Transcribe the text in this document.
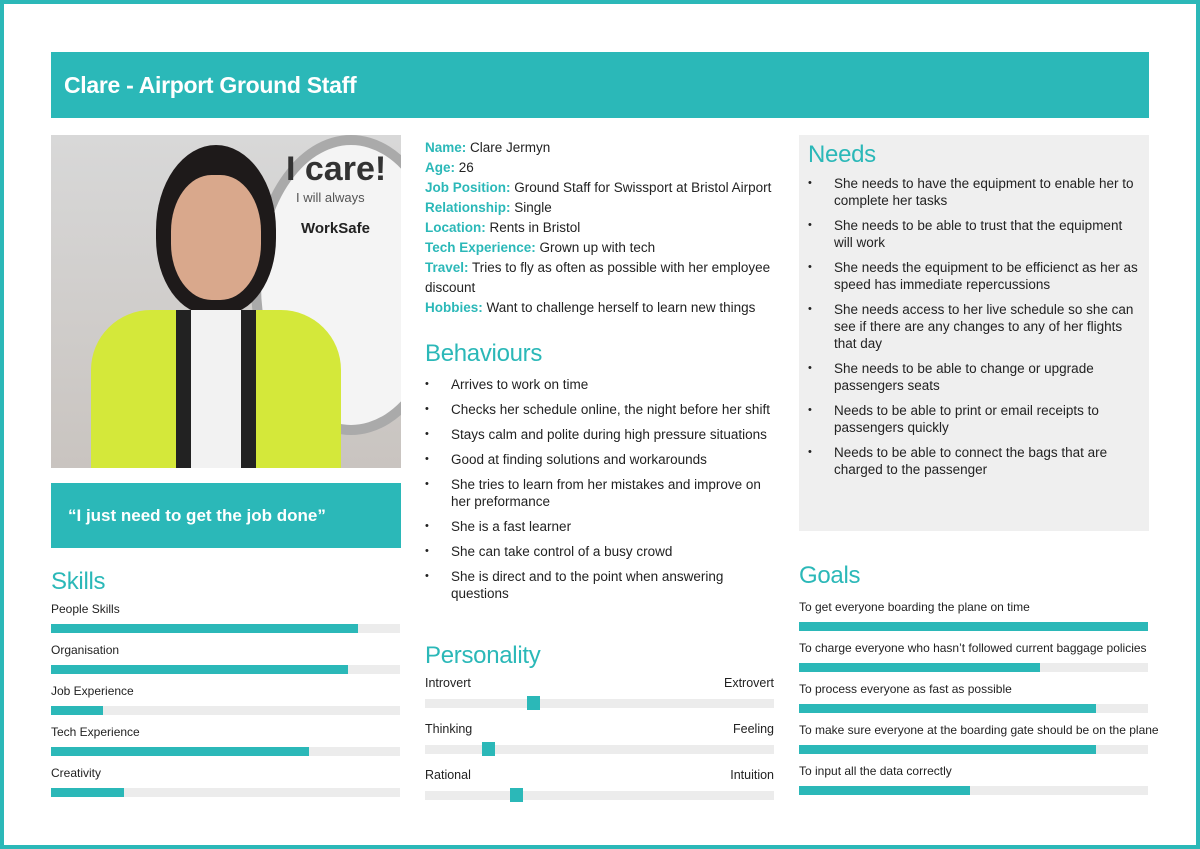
Clare - Airport Ground Staff
I care!
I will always
WorkSafe
“I just need to get the job done”
Skills
People Skills
Organisation
Job Experience
Tech Experience
Creativity
Name: Clare Jermyn
Age: 26
Job Position: Ground Staff for Swissport at Bristol Airport
Relationship: Single
Location: Rents in Bristol
Tech Experience: Grown up with tech
Travel: Tries to fly as often as possible with her employee discount
Hobbies: Want to challenge herself to learn new things
Behaviours
• Arrives to work on time
• Checks her schedule online, the night before her shift
• Stays calm and polite during high pressure situations
• Good at finding solutions and workarounds
• She tries to learn from her mistakes and improve on her preformance
• She is a fast learner
• She can take control of a busy crowd
• She is direct and to the point when answering questions
Personality
Introvert	Extrovert
Thinking	Feeling
Rational	Intuition
Needs
• She needs to have the equipment to enable her to complete her tasks
• She needs to be able to trust that the equipment will work
• She needs the equipment to be efficienct as her as speed has immediate repercussions
• She needs access to her live schedule so she can see if there are any changes to any of her flights that day
• She needs to be able to change or upgrade passengers seats
• Needs to be able to print or email receipts to passengers quickly
• Needs to be able to connect the bags that are charged to the passenger
Goals
To get everyone boarding the plane on time
To charge everyone who hasn’t followed current baggage policies
To process everyone as fast as possible
To make sure everyone at the boarding gate should be on the plane
To input all the data correctly
